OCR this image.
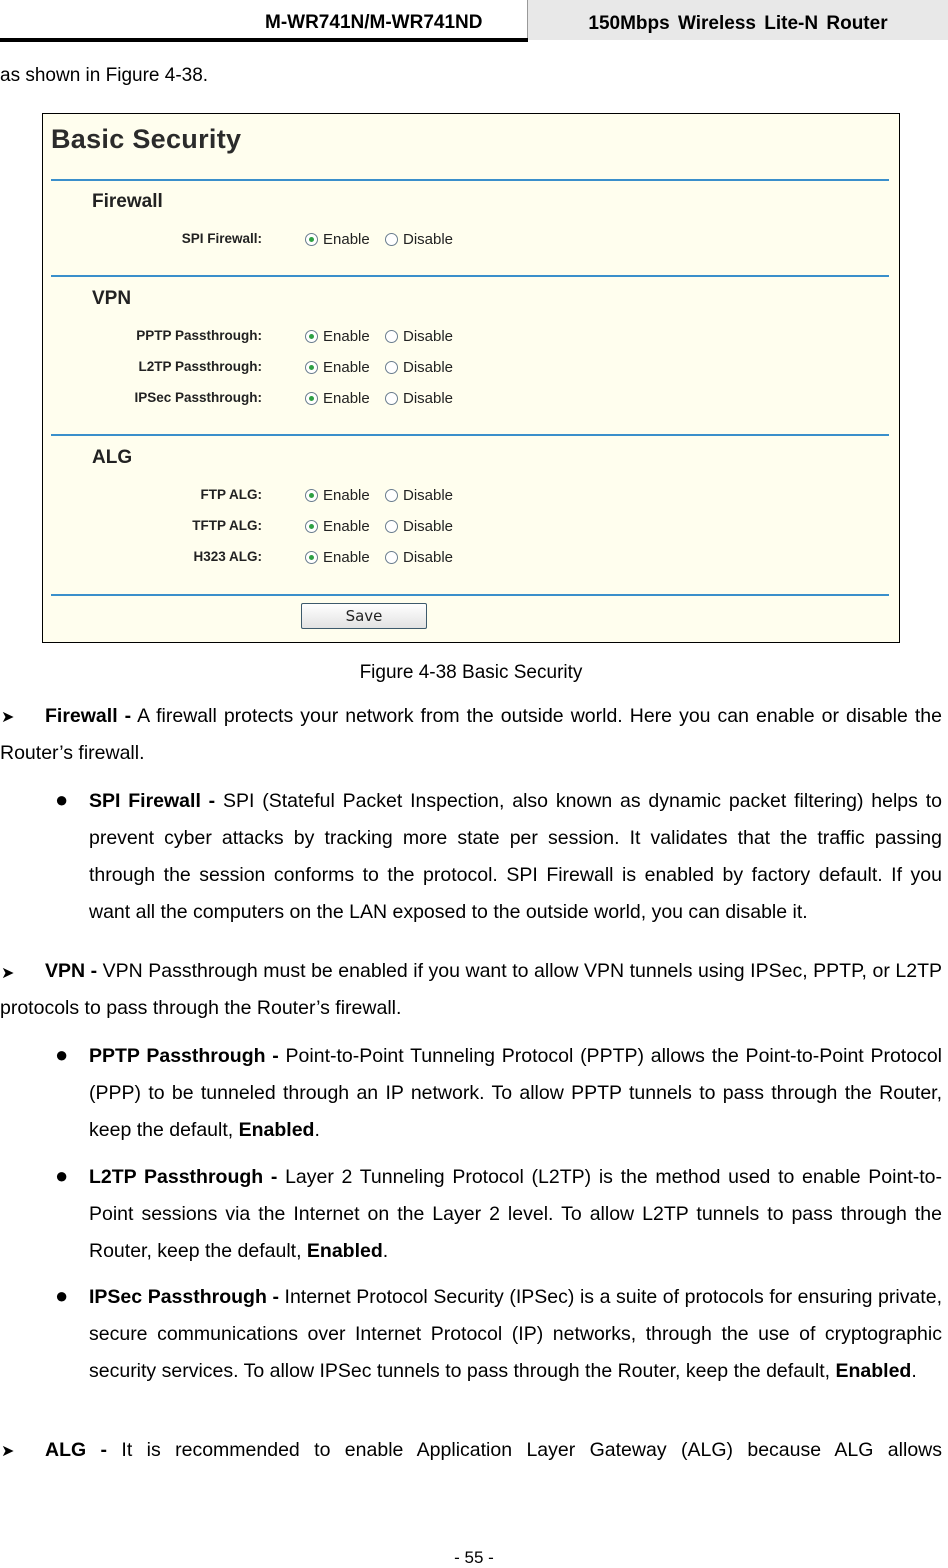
M-WR741N/M-WR741ND	150Mbps Wireless Lite-N Router
as shown in Figure 4-38.
Basic Security
Firewall
SPI Firewall:	Enable Disable
VPN
PPTP Passthrough:	Enable Disable
L2TP Passthrough:	Enable Disable
IPSec Passthrough:	Enable Disable
ALG
FTP ALG:	Enable Disable
TFTP ALG:	Enable Disable
H323 ALG:	Enable Disable
Save
Figure 4-38 Basic Security
➤	Firewall - A firewall protects your network from the outside world. Here you can enable or disable the Router’s firewall.
● SPI Firewall - SPI (Stateful Packet Inspection, also known as dynamic packet filtering) helps to prevent cyber attacks by tracking more state per session. It validates that the traffic passing through the session conforms to the protocol. SPI Firewall is enabled by factory default. If you want all the computers on the LAN exposed to the outside world, you can disable it.
➤	VPN - VPN Passthrough must be enabled if you want to allow VPN tunnels using IPSec, PPTP, or L2TP protocols to pass through the Router’s firewall.
● PPTP Passthrough - Point-to-Point Tunneling Protocol (PPTP) allows the Point-to-Point Protocol (PPP) to be tunneled through an IP network. To allow PPTP tunnels to pass through the Router, keep the default, Enabled.
● L2TP Passthrough - Layer 2 Tunneling Protocol (L2TP) is the method used to enable Point-to-Point sessions via the Internet on the Layer 2 level. To allow L2TP tunnels to pass through the Router, keep the default, Enabled.
● IPSec Passthrough - Internet Protocol Security (IPSec) is a suite of protocols for ensuring private, secure communications over Internet Protocol (IP) networks, through the use of cryptographic security services. To allow IPSec tunnels to pass through the Router, keep the default, Enabled.
➤	ALG - It is recommended to enable Application Layer Gateway (ALG) because ALG allows
- 55 -
